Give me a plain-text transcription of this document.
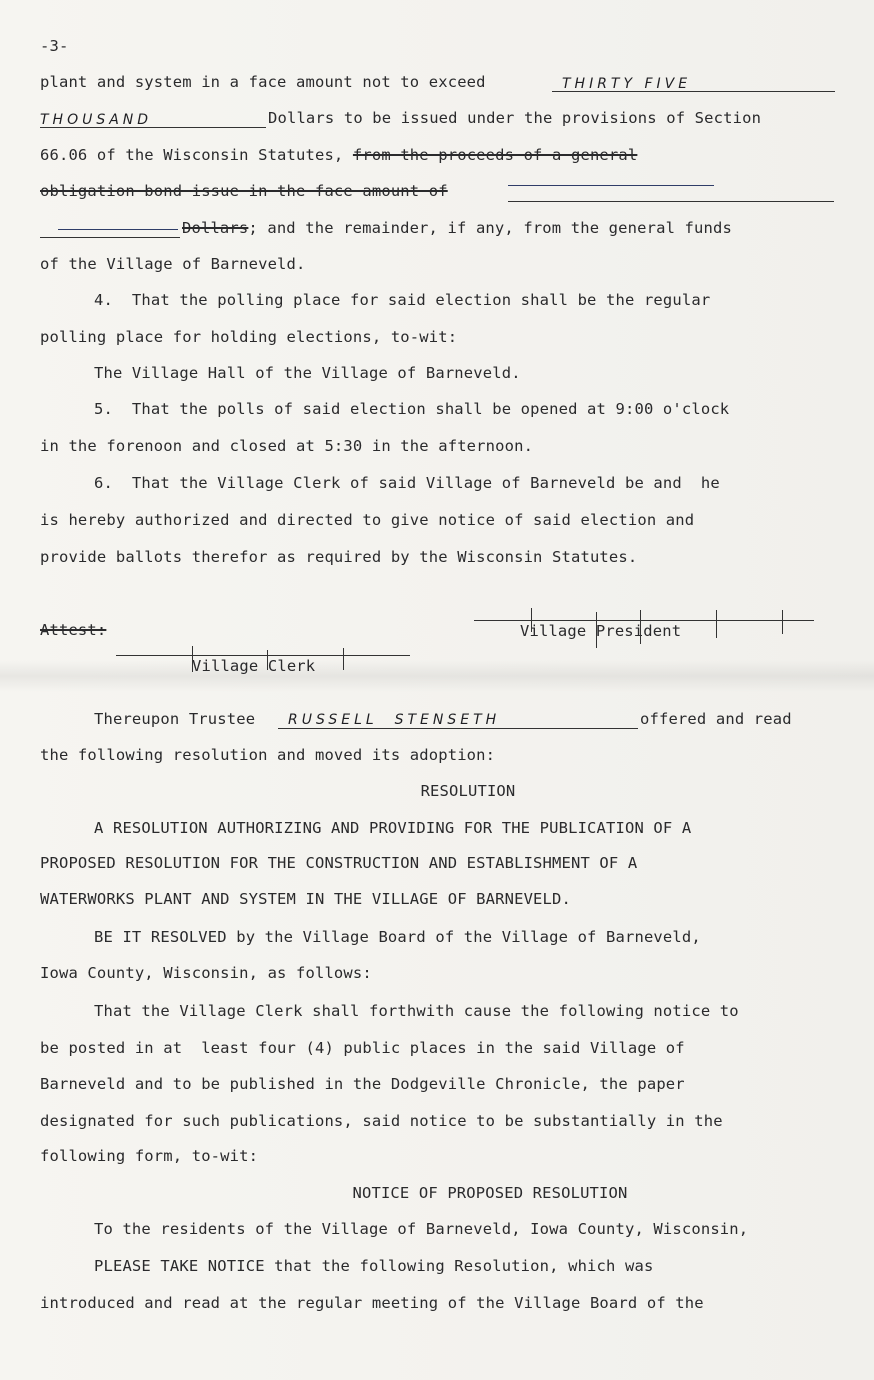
-3-
plant and system in a face amount not to exceed	THIRTY FIVE
THOUSAND	Dollars to be issued under the provisions of Section
66.06 of the Wisconsin Statutes, from the proceeds of a general
obligation bond issue in the face amount of
Dollars; and the remainder, if any, from the general funds
of the Village of Barneveld.
4.  That the polling place for said election shall be the regular
polling place for holding elections, to-wit:
The Village Hall of the Village of Barneveld.
5.  That the polls of said election shall be opened at 9:00 o'clock
in the forenoon and closed at 5:30 in the afternoon.
6.  That the Village Clerk of said Village of Barneveld be and  he
is hereby authorized and directed to give notice of said election and
provide ballots therefor as required by the Wisconsin Statutes.
Attest:	Village President
Village Clerk
Thereupon Trustee RUSSELL  STENSETH	offered and read
the following resolution and moved its adoption:
RESOLUTION
A RESOLUTION AUTHORIZING AND PROVIDING FOR THE PUBLICATION OF A
PROPOSED RESOLUTION FOR THE CONSTRUCTION AND ESTABLISHMENT OF A
WATERWORKS PLANT AND SYSTEM IN THE VILLAGE OF BARNEVELD.
BE IT RESOLVED by the Village Board of the Village of Barneveld,
Iowa County, Wisconsin, as follows:
That the Village Clerk shall forthwith cause the following notice to
be posted in at  least four (4) public places in the said Village of
Barneveld and to be published in the Dodgeville Chronicle, the paper
designated for such publications, said notice to be substantially in the
following form, to-wit:
NOTICE OF PROPOSED RESOLUTION
To the residents of the Village of Barneveld, Iowa County, Wisconsin,
PLEASE TAKE NOTICE that the following Resolution, which was
introduced and read at the regular meeting of the Village Board of the
